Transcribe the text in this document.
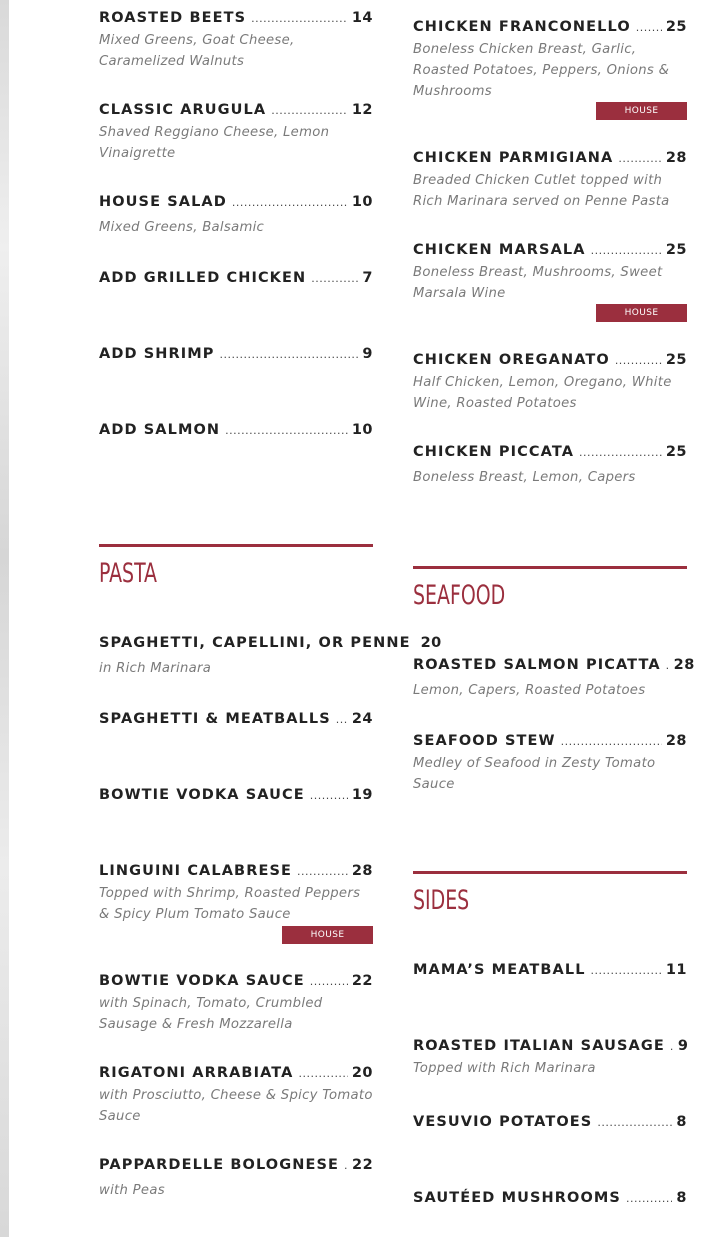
ROASTED BEETS .....	14
Mixed Greens, Goat Cheese, Caramelized Walnuts
CLASSIC ARUGULA .....	12
Shaved Reggiano Cheese, Lemon Vinaigrette
HOUSE SALAD .....	10
Mixed Greens, Balsamic
ADD GRILLED CHICKEN .....	7
ADD SHRIMP .....	9
ADD SALMON .....	10
CHICKEN FRANCONELLO ..... 25
Boneless Chicken Breast, Garlic, Roasted Potatoes, Peppers, Onions & Mushrooms
HOUSE FAVORITE
CHICKEN PARMIGIANA .....	28
Breaded Chicken Cutlet topped with Rich Marinara served on Penne Pasta
CHICKEN MARSALA .....	25
Boneless Breast, Mushrooms, Sweet Marsala Wine
HOUSE FAVORITE
CHICKEN OREGANATO .....	25
Half Chicken, Lemon, Oregano, White Wine, Roasted Potatoes
CHICKEN PICCATA .....	25
Boneless Breast, Lemon, Capers
PASTA
SPAGHETTI, CAPELLINI, OR PENNE 20
in Rich Marinara
SPAGHETTI & MEATBALLS ..... 24
BOWTIE VODKA SAUCE .....	19
LINGUINI CALABRESE .....	28
Topped with Shrimp, Roasted Peppers & Spicy Plum Tomato Sauce
HOUSE FAVORITE
BOWTIE VODKA SAUCE .....	22
with Spinach, Tomato, Crumbled Sausage & Fresh Mozzarella
RIGATONI ARRABIATA .....	20
with Prosciutto, Cheese & Spicy Tomato Sauce
PAPPARDELLE BOLOGNESE ..... 22
with Peas
SEAFOOD
ROASTED SALMON PICATTA ..... 28
Lemon, Capers, Roasted Potatoes
SEAFOOD STEW .....	28
Medley of Seafood in Zesty Tomato Sauce
SIDES
MAMA’S MEATBALL .....	11
ROASTED ITALIAN SAUSAGE ..... 9
Topped with Rich Marinara
VESUVIO POTATOES .....	8
SAUTÉED MUSHROOMS .....	8
